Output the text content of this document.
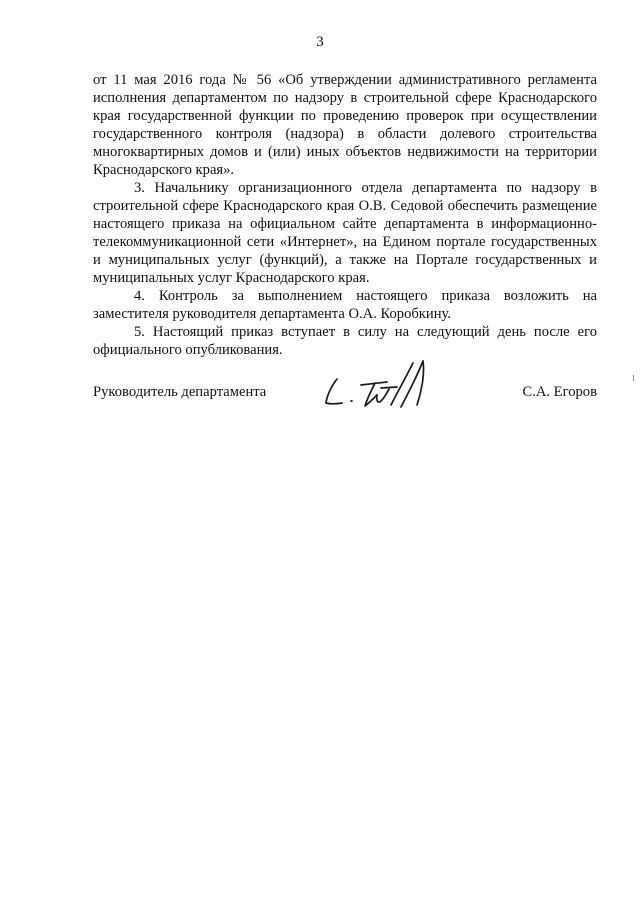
3

от 11 мая 2016 года № 56 «Об утверждении административного регламента исполнения департаментом по надзору в строительной сфере Краснодарского края государственной функции по проведению проверок при осуществлении государственного контроля (надзора) в области долевого строительства многоквартирных домов и (или) иных объектов недвижимости на территории Краснодарского края».

3. Начальнику организационного отдела департамента по надзору в строительной сфере Краснодарского края О.В. Седовой обеспечить размещение настоящего приказа на официальном сайте департамента в информационно-телекоммуникационной сети «Интернет», на Едином портале государственных и муниципальных услуг (функций), а также на Портале государственных и муниципальных услуг Краснодарского края.

4. Контроль за выполнением настоящего приказа возложить на заместителя руководителя департамента О.А. Коробкину.

5. Настоящий приказ вступает в силу на следующий день после его официального опубликования.

Руководитель департамента	С.А. Егоров
